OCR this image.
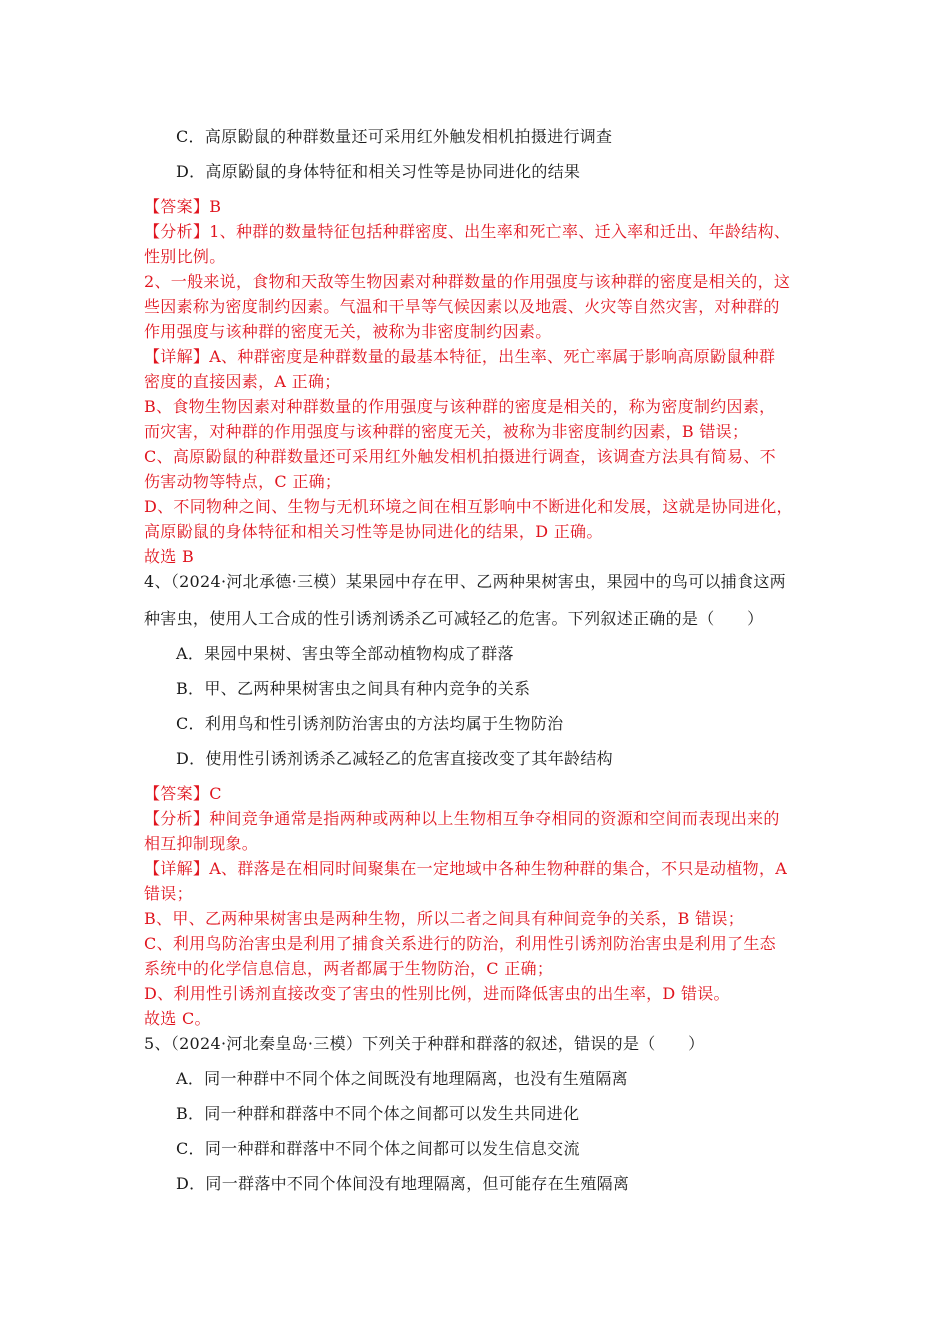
C．高原鼢鼠的种群数量还可采用红外触发相机拍摄进行调查
D．高原鼢鼠的身体特征和相关习性等是协同进化的结果
【答案】B
【分析】1、种群的数量特征包括种群密度、出生率和死亡率、迁入率和迁出、年龄结构、
性别比例。
2、一般来说，食物和天敌等生物因素对种群数量的作用强度与该种群的密度是相关的，这
些因素称为密度制约因素。气温和干旱等气候因素以及地震、火灾等自然灾害，对种群的
作用强度与该种群的密度无关，被称为非密度制约因素。
【详解】A、种群密度是种群数量的最基本特征，出生率、死亡率属于影响高原鼢鼠种群
密度的直接因素，A 正确；
B、食物生物因素对种群数量的作用强度与该种群的密度是相关的，称为密度制约因素，
而灾害，对种群的作用强度与该种群的密度无关，被称为非密度制约因素，B 错误；
C、高原鼢鼠的种群数量还可采用红外触发相机拍摄进行调查，该调查方法具有简易、不
伤害动物等特点，C 正确；
D、不同物种之间、生物与无机环境之间在相互影响中不断进化和发展，这就是协同进化，
高原鼢鼠的身体特征和相关习性等是协同进化的结果，D 正确。
故选 B
4、（2024·河北承德·三模）某果园中存在甲、乙两种果树害虫，果园中的鸟可以捕食这两
种害虫，使用人工合成的性引诱剂诱杀乙可减轻乙的危害。下列叙述正确的是（　　）
A．果园中果树、害虫等全部动植物构成了群落
B．甲、乙两种果树害虫之间具有种内竞争的关系
C．利用鸟和性引诱剂防治害虫的方法均属于生物防治
D．使用性引诱剂诱杀乙减轻乙的危害直接改变了其年龄结构
【答案】C
【分析】种间竞争通常是指两种或两种以上生物相互争夺相同的资源和空间而表现出来的
相互抑制现象。
【详解】A、群落是在相同时间聚集在一定地域中各种生物种群的集合，不只是动植物，A
错误；
B、甲、乙两种果树害虫是两种生物，所以二者之间具有种间竞争的关系，B 错误；
C、利用鸟防治害虫是利用了捕食关系进行的防治，利用性引诱剂防治害虫是利用了生态
系统中的化学信息信息，两者都属于生物防治，C 正确；
D、利用性引诱剂直接改变了害虫的性别比例，进而降低害虫的出生率，D 错误。
故选 C。
5、（2024·河北秦皇岛·三模）下列关于种群和群落的叙述，错误的是（　　）
A．同一种群中不同个体之间既没有地理隔离，也没有生殖隔离
B．同一种群和群落中不同个体之间都可以发生共同进化
C．同一种群和群落中不同个体之间都可以发生信息交流
D．同一群落中不同个体间没有地理隔离，但可能存在生殖隔离
